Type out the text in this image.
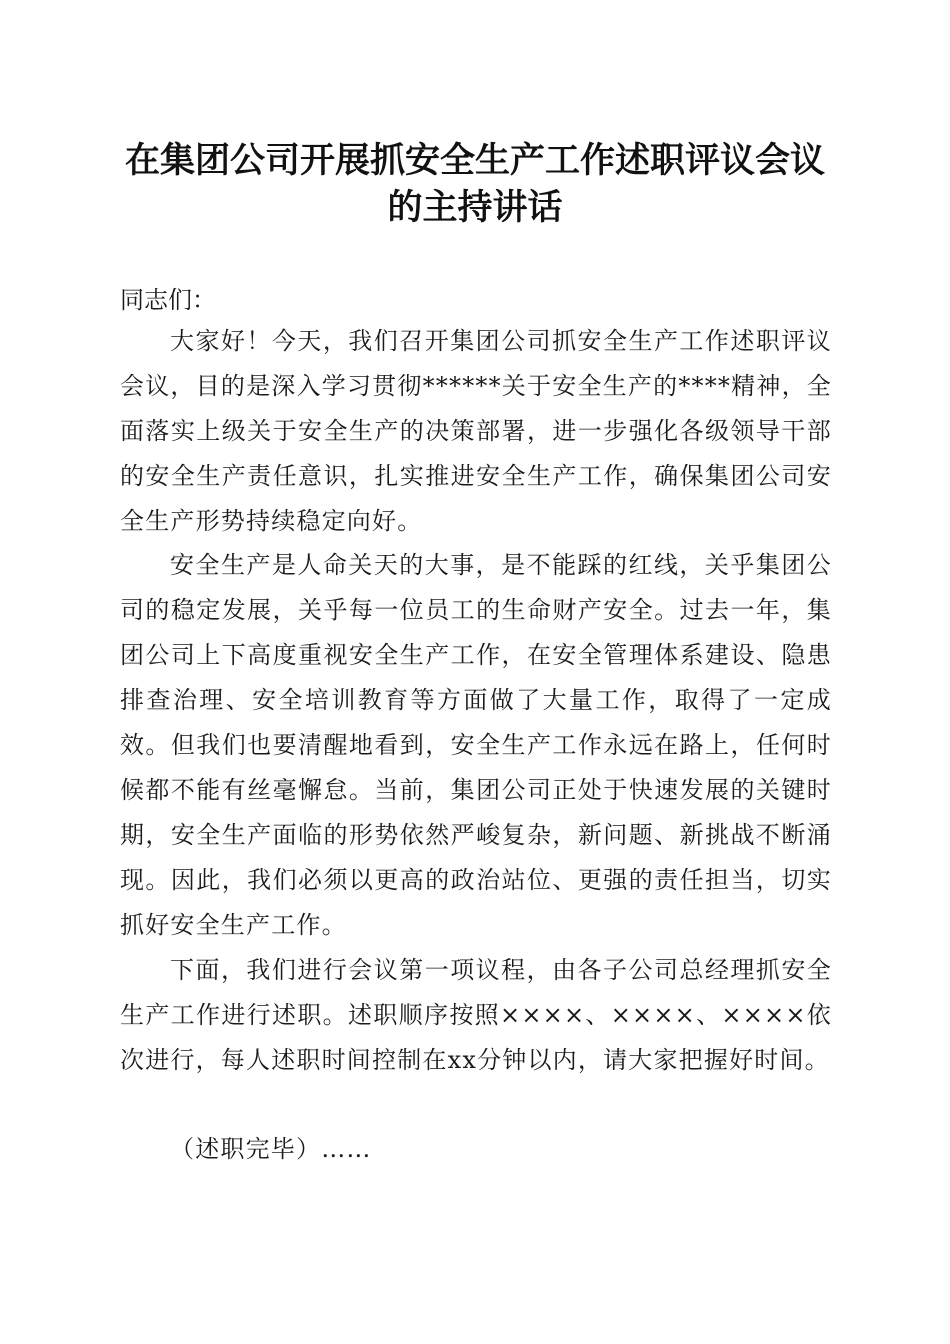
在集团公司开展抓安全生产工作述职评议会议
的主持讲话
同志们：

大家好！今天，我们召开集团公司抓安全生产工作述职评议会议，目的是深入学习贯彻******关于安全生产的****精神，全面落实上级关于安全生产的决策部署，进一步强化各级领导干部的安全生产责任意识，扎实推进安全生产工作，确保集团公司安全生产形势持续稳定向好。

安全生产是人命关天的大事，是不能踩的红线，关乎集团公司的稳定发展，关乎每一位员工的生命财产安全。过去一年，集团公司上下高度重视安全生产工作，在安全管理体系建设、隐患排查治理、安全培训教育等方面做了大量工作，取得了一定成效。但我们也要清醒地看到，安全生产工作永远在路上，任何时候都不能有丝毫懈怠。当前，集团公司正处于快速发展的关键时期，安全生产面临的形势依然严峻复杂，新问题、新挑战不断涌现。因此，我们必须以更高的政治站位、更强的责任担当，切实抓好安全生产工作。

下面，我们进行会议第一项议程，由各子公司总经理抓安全生产工作进行述职。述职顺序按照××××、××××、××××依次进行，每人述职时间控制在xx分钟以内，请大家把握好时间。

（述职完毕）……
